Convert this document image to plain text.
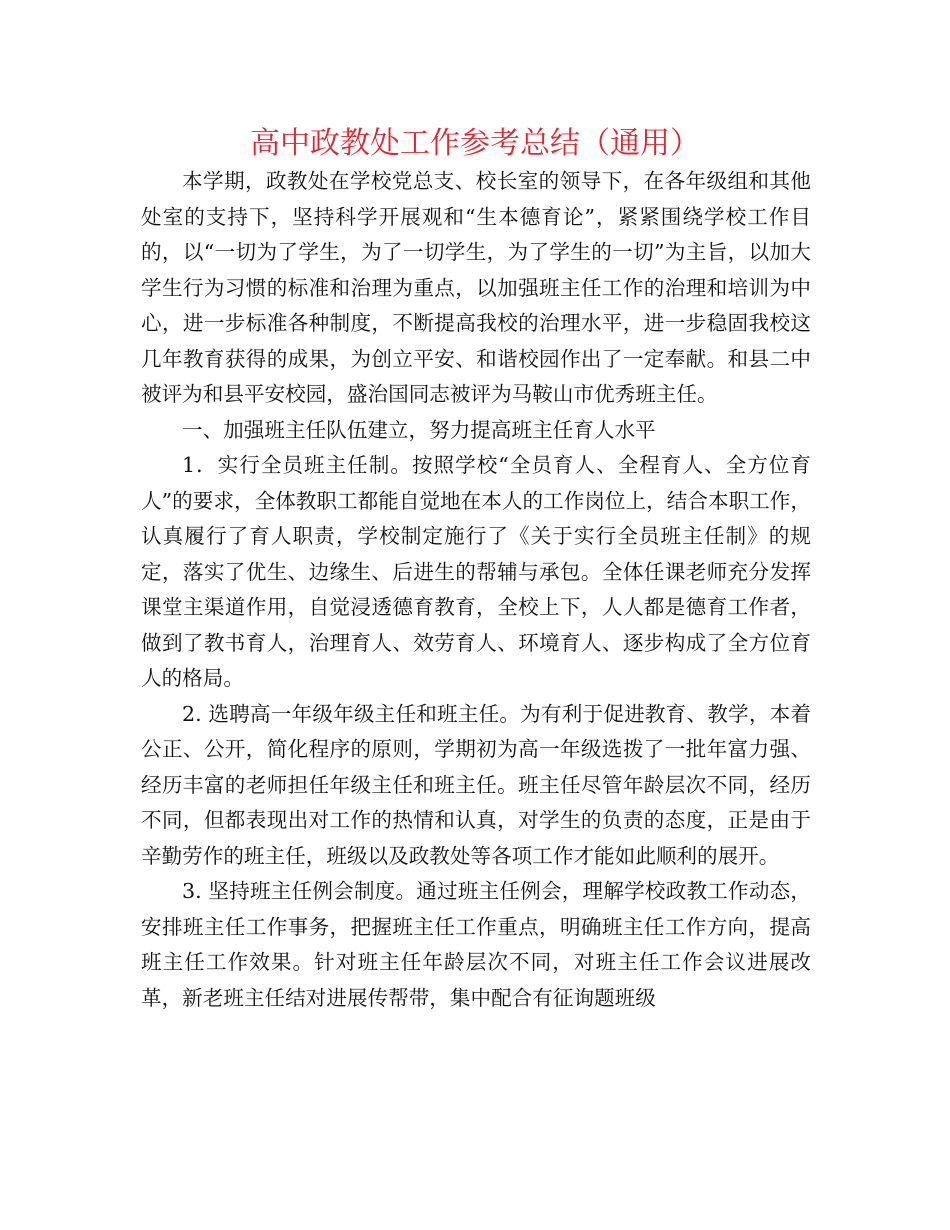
高中政教处工作参考总结（通用）

本学期，政教处在学校党总支、校长室的领导下，在各年级组和其他处室的支持下，坚持科学开展观和“生本德育论”，紧紧围绕学校工作目的，以“一切为了学生，为了一切学生，为了学生的一切”为主旨，以加大学生行为习惯的标准和治理为重点，以加强班主任工作的治理和培训为中心，进一步标准各种制度，不断提高我校的治理水平，进一步稳固我校这几年教育获得的成果，为创立平安、和谐校园作出了一定奉献。和县二中被评为和县平安校园，盛治国同志被评为马鞍山市优秀班主任。

一、加强班主任队伍建立，努力提高班主任育人水平

1．实行全员班主任制。按照学校“全员育人、全程育人、全方位育人”的要求，全体教职工都能自觉地在本人的工作岗位上，结合本职工作，认真履行了育人职责，学校制定施行了《关于实行全员班主任制》的规定，落实了优生、边缘生、后进生的帮辅与承包。全体任课老师充分发挥课堂主渠道作用，自觉浸透德育教育，全校上下，人人都是德育工作者，做到了教书育人，治理育人、效劳育人、环境育人、逐步构成了全方位育人的格局。

2. 选聘高一年级年级主任和班主任。为有利于促进教育、教学，本着公正、公开，简化程序的原则，学期初为高一年级选拨了一批年富力强、经历丰富的老师担任年级主任和班主任。班主任尽管年龄层次不同，经历不同，但都表现出对工作的热情和认真，对学生的负责的态度，正是由于辛勤劳作的班主任，班级以及政教处等各项工作才能如此顺利的展开。

3. 坚持班主任例会制度。通过班主任例会，理解学校政教工作动态，安排班主任工作事务，把握班主任工作重点，明确班主任工作方向，提高班主任工作效果。针对班主任年龄层次不同，对班主任工作会议进展改革，新老班主任结对进展传帮带，集中配合有征询题班级
